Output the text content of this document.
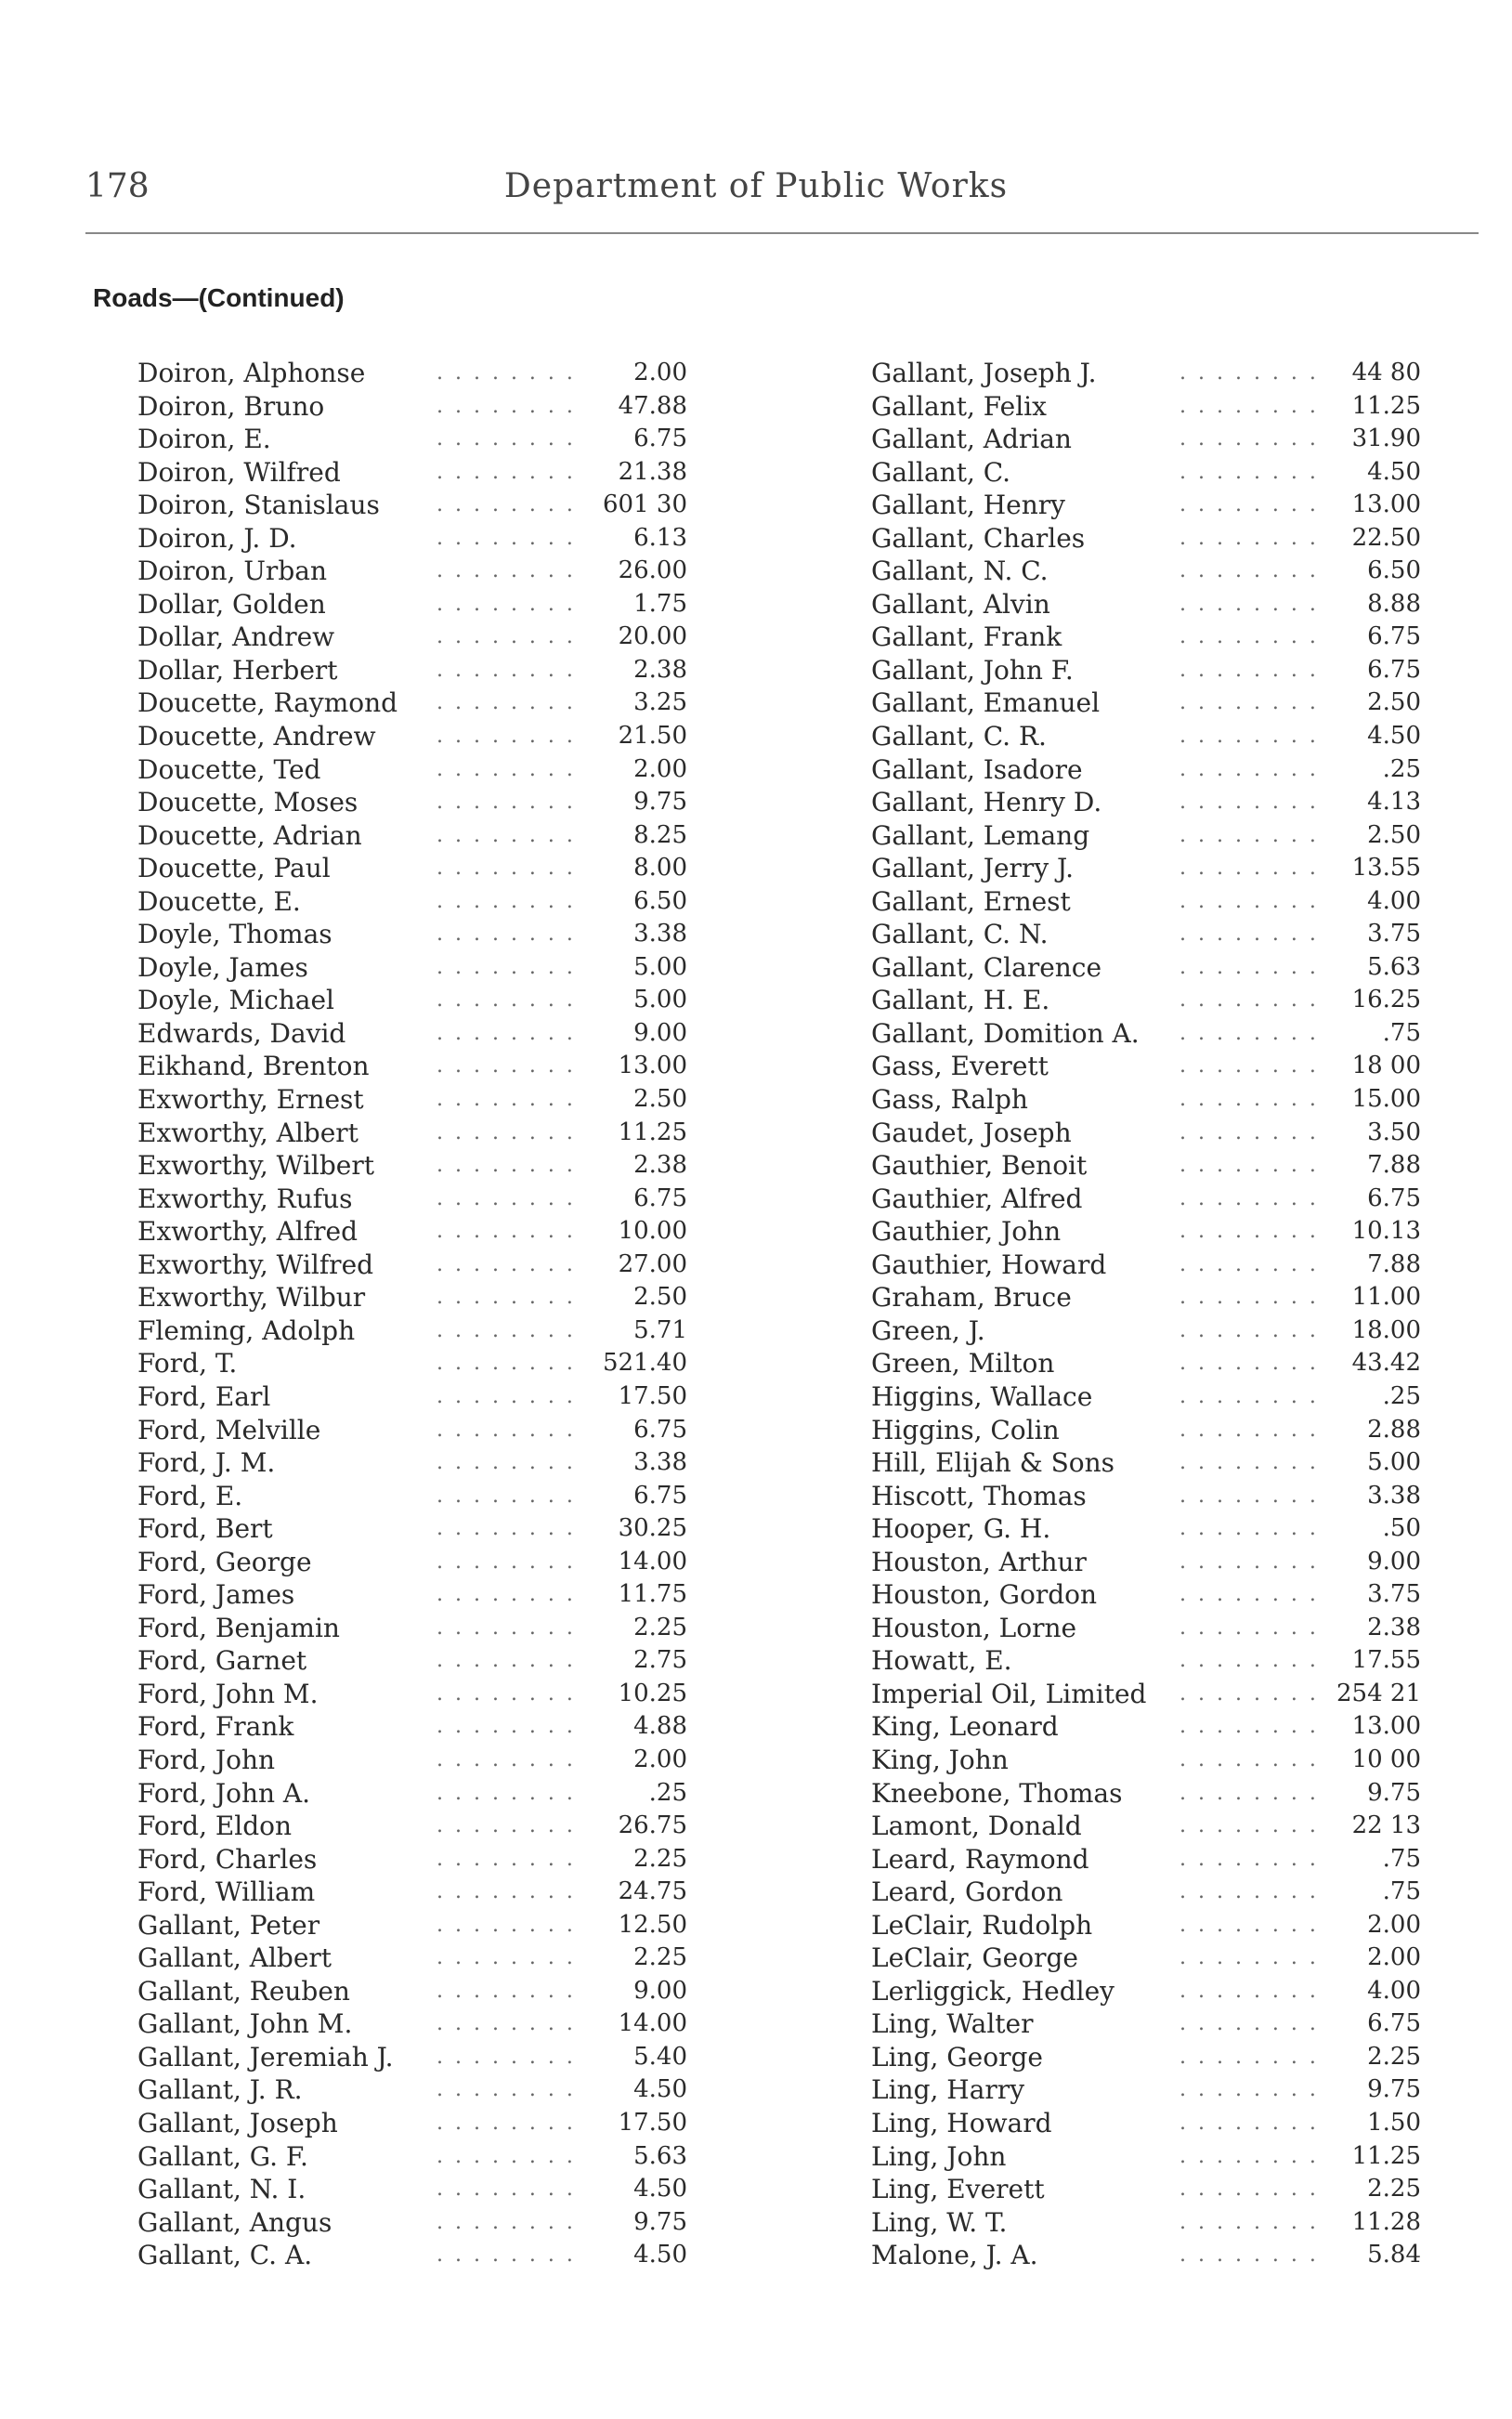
178	Department of Public Works
Roads—(Continued)
Doiron, Alphonse	. . . . . . . . 2.00
Doiron, Bruno	. . . . . . . . 47.88
Doiron, E.	. . . . . . . . 6.75
Doiron, Wilfred	. . . . . . . . 21.38
Doiron, Stanislaus	. . . . . . . . 601 30
Doiron, J. D.	. . . . . . . . 6.13
Doiron, Urban	. . . . . . . . 26.00
Dollar, Golden	. . . . . . . . 1.75
Dollar, Andrew	. . . . . . . . 20.00
Dollar, Herbert	. . . . . . . . 2.38
Doucette, Raymond . . . . . . . . 3.25
Doucette, Andrew	. . . . . . . . 21.50
Doucette, Ted	. . . . . . . . 2.00
Doucette, Moses	. . . . . . . . 9.75
Doucette, Adrian	. . . . . . . . 8.25
Doucette, Paul	. . . . . . . . 8.00
Doucette, E.	. . . . . . . . 6.50
Doyle, Thomas	. . . . . . . . 3.38
Doyle, James	. . . . . . . . 5.00
Doyle, Michael	. . . . . . . . 5.00
Edwards, David	. . . . . . . . 9.00
Eikhand, Brenton	. . . . . . . . 13.00
Exworthy, Ernest	. . . . . . . . 2.50
Exworthy, Albert	. . . . . . . . 11.25
Exworthy, Wilbert	. . . . . . . . 2.38
Exworthy, Rufus	. . . . . . . . 6.75
Exworthy, Alfred	. . . . . . . . 10.00
Exworthy, Wilfred	. . . . . . . . 27.00
Exworthy, Wilbur	. . . . . . . . 2.50
Fleming, Adolph	. . . . . . . . 5.71
Ford, T.	. . . . . . . . 521.40
Ford, Earl	. . . . . . . . 17.50
Ford, Melville	. . . . . . . . 6.75
Ford, J. M.	. . . . . . . . 3.38
Ford, E.	. . . . . . . . 6.75
Ford, Bert	. . . . . . . . 30.25
Ford, George	. . . . . . . . 14.00
Ford, James	. . . . . . . . 11.75
Ford, Benjamin	. . . . . . . . 2.25
Ford, Garnet	. . . . . . . . 2.75
Ford, John M.	. . . . . . . . 10.25
Ford, Frank	. . . . . . . . 4.88
Ford, John	. . . . . . . . 2.00
Ford, John A.	. . . . . . . .	.25
Ford, Eldon	. . . . . . . . 26.75
Ford, Charles	. . . . . . . . 2.25
Ford, William	. . . . . . . . 24.75
Gallant, Peter	. . . . . . . . 12.50
Gallant, Albert	. . . . . . . . 2.25
Gallant, Reuben	. . . . . . . . 9.00
Gallant, John M.	. . . . . . . . 14.00
Gallant, Jeremiah J. . . . . . . . . 5.40
Gallant, J. R.	. . . . . . . . 4.50
Gallant, Joseph	. . . . . . . . 17.50
Gallant, G. F.	. . . . . . . . 5.63
Gallant, N. I.	. . . . . . . . 4.50
Gallant, Angus	. . . . . . . . 9.75
Gallant, C. A.	. . . . . . . . 4.50
Gallant, Joseph J.	. . . . . . . . 44 80
Gallant, Felix	. . . . . . . . 11.25
Gallant, Adrian	. . . . . . . . 31.90
Gallant, C.	. . . . . . . . 4.50
Gallant, Henry	. . . . . . . . 13.00
Gallant, Charles	. . . . . . . . 22.50
Gallant, N. C.	. . . . . . . . 6.50
Gallant, Alvin	. . . . . . . . 8.88
Gallant, Frank	. . . . . . . . 6.75
Gallant, John F.	. . . . . . . . 6.75
Gallant, Emanuel	. . . . . . . . 2.50
Gallant, C. R.	. . . . . . . . 4.50
Gallant, Isadore	. . . . . . . .	.25
Gallant, Henry D.	. . . . . . . . 4.13
Gallant, Lemang	. . . . . . . . 2.50
Gallant, Jerry J.	. . . . . . . . 13.55
Gallant, Ernest	. . . . . . . . 4.00
Gallant, C. N.	. . . . . . . . 3.75
Gallant, Clarence	. . . . . . . . 5.63
Gallant, H. E.	. . . . . . . . 16.25
Gallant, Domition A. . . . . . . . .	.75
Gass, Everett	. . . . . . . . 18 00
Gass, Ralph	. . . . . . . . 15.00
Gaudet, Joseph	. . . . . . . . 3.50
Gauthier, Benoit	. . . . . . . . 7.88
Gauthier, Alfred	. . . . . . . . 6.75
Gauthier, John	. . . . . . . . 10.13
Gauthier, Howard	. . . . . . . . 7.88
Graham, Bruce	. . . . . . . . 11.00
Green, J.	. . . . . . . . 18.00
Green, Milton	. . . . . . . . 43.42
Higgins, Wallace	. . . . . . . .	.25
Higgins, Colin	. . . . . . . . 2.88
Hill, Elijah & Sons	. . . . . . . . 5.00
Hiscott, Thomas	. . . . . . . . 3.38
Hooper, G. H.	. . . . . . . .	.50
Houston, Arthur	. . . . . . . . 9.00
Houston, Gordon	. . . . . . . . 3.75
Houston, Lorne	. . . . . . . . 2.38
Howatt, E.	. . . . . . . . 17.55
Imperial Oil, Limited . . . . . . . . 254 21
King, Leonard	. . . . . . . . 13.00
King, John	. . . . . . . . 10 00
Kneebone, Thomas	. . . . . . . . 9.75
Lamont, Donald	. . . . . . . . 22 13
Leard, Raymond	. . . . . . . .	.75
Leard, Gordon	. . . . . . . .	.75
LeClair, Rudolph	. . . . . . . . 2.00
LeClair, George	. . . . . . . . 2.00
Lerliggick, Hedley	. . . . . . . . 4.00
Ling, Walter	. . . . . . . . 6.75
Ling, George	. . . . . . . . 2.25
Ling, Harry	. . . . . . . . 9.75
Ling, Howard	. . . . . . . . 1.50
Ling, John	. . . . . . . . 11.25
Ling, Everett	. . . . . . . . 2.25
Ling, W. T.	. . . . . . . . 11.28
Malone, J. A.	. . . . . . . . 5.84
